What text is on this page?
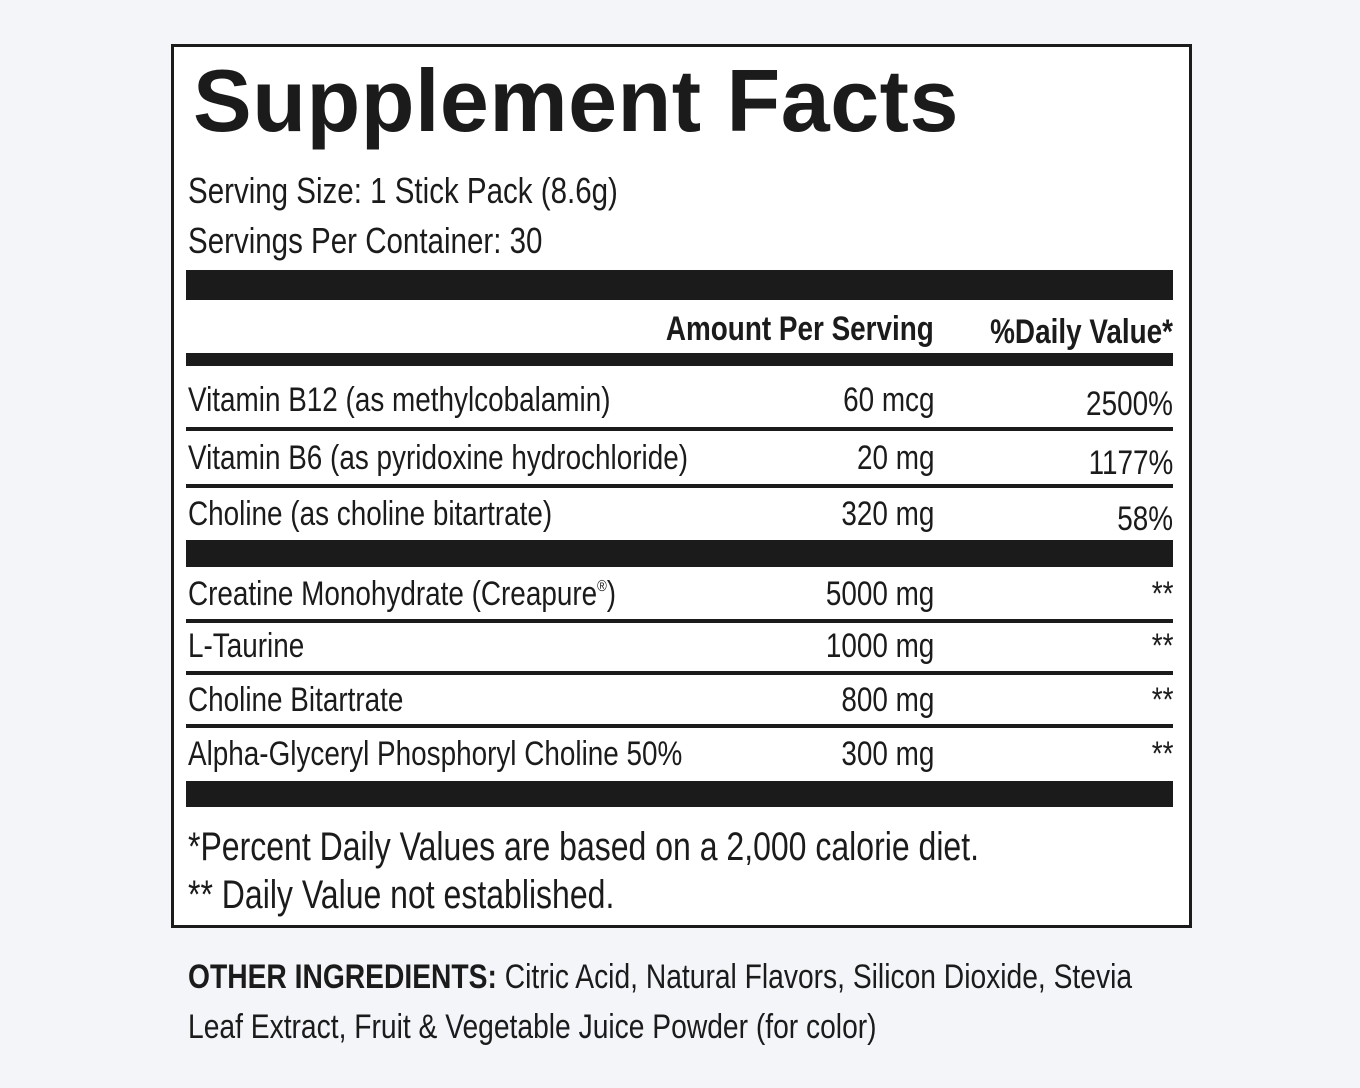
Supplement Facts
Serving Size: 1 Stick Pack (8.6g)
Servings Per Container: 30
Amount Per Serving %Daily Value*
Vitamin B12 (as methylcobalamin)	60 mcg	2500%
Vitamin B6 (as pyridoxine hydrochloride)	20 mg	1177%
Choline (as choline bitartrate)	320 mg	58%
Creatine Monohydrate (Creapure®)	5000 mg	**
L-Taurine	1000 mg	**
Choline Bitartrate	800 mg	**
Alpha-Glyceryl Phosphoryl Choline 50%	300 mg	**
*Percent Daily Values are based on a 2,000 calorie diet.
** Daily Value not established.
OTHER INGREDIENTS: Citric Acid, Natural Flavors, Silicon Dioxide, Stevia Leaf Extract, Fruit & Vegetable Juice Powder (for color)
